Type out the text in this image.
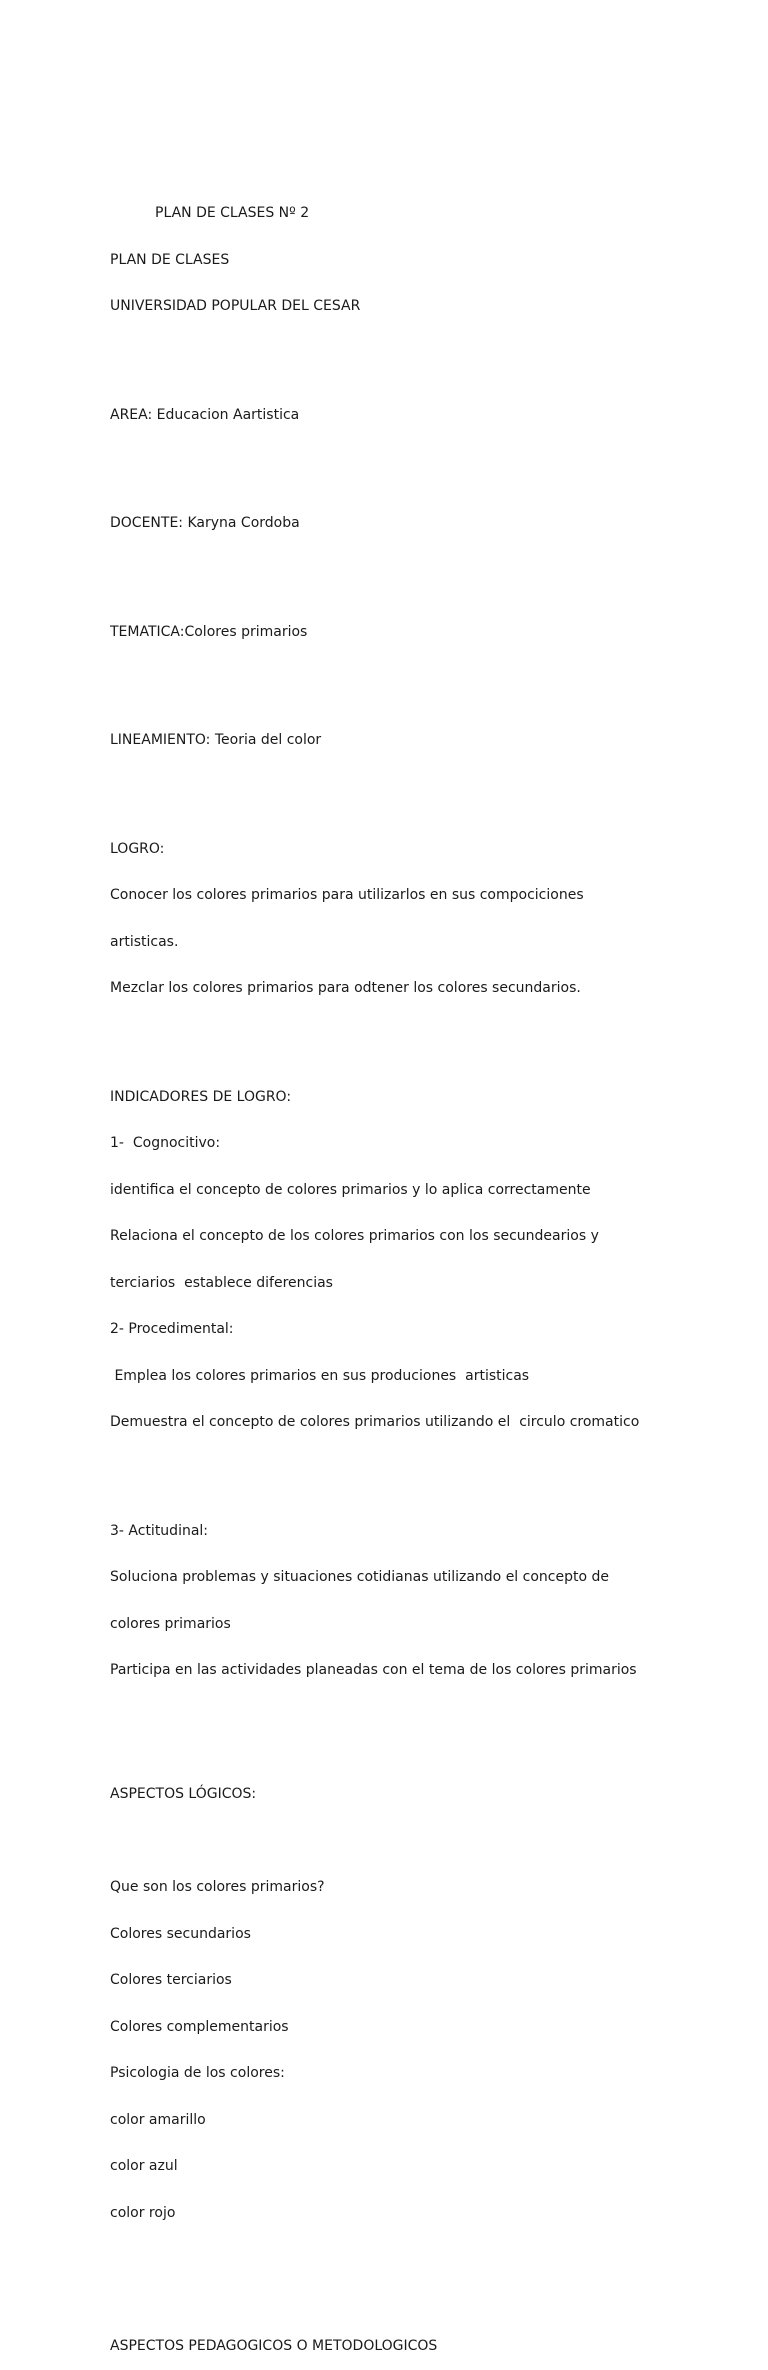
PLAN DE CLASES Nº 2

PLAN DE CLASES

UNIVERSIDAD POPULAR DEL CESAR

AREA: Educacion Aartistica

DOCENTE: Karyna Cordoba

TEMATICA:Colores primarios

LINEAMIENTO: Teoria del color

LOGRO:

Conocer los colores primarios para utilizarlos en sus compociciones

artisticas.

Mezclar los colores primarios para odtener los colores secundarios.

INDICADORES DE LOGRO:

1-  Cognocitivo:

identifica el concepto de colores primarios y lo aplica correctamente

Relaciona el concepto de los colores primarios con los secundearios y

terciarios  establece diferencias

2- Procedimental:

Emplea los colores primarios en sus produciones  artisticas

Demuestra el concepto de colores primarios utilizando el  circulo cromatico

3- Actitudinal:

Soluciona problemas y situaciones cotidianas utilizando el concepto de

colores primarios

Participa en las actividades planeadas con el tema de los colores primarios

ASPECTOS LÓGICOS:

Que son los colores primarios?

Colores secundarios

Colores terciarios

Colores complementarios

Psicologia de los colores:

color amarillo

color azul

color rojo

ASPECTOS PEDAGOGICOS O METODOLOGICOS
